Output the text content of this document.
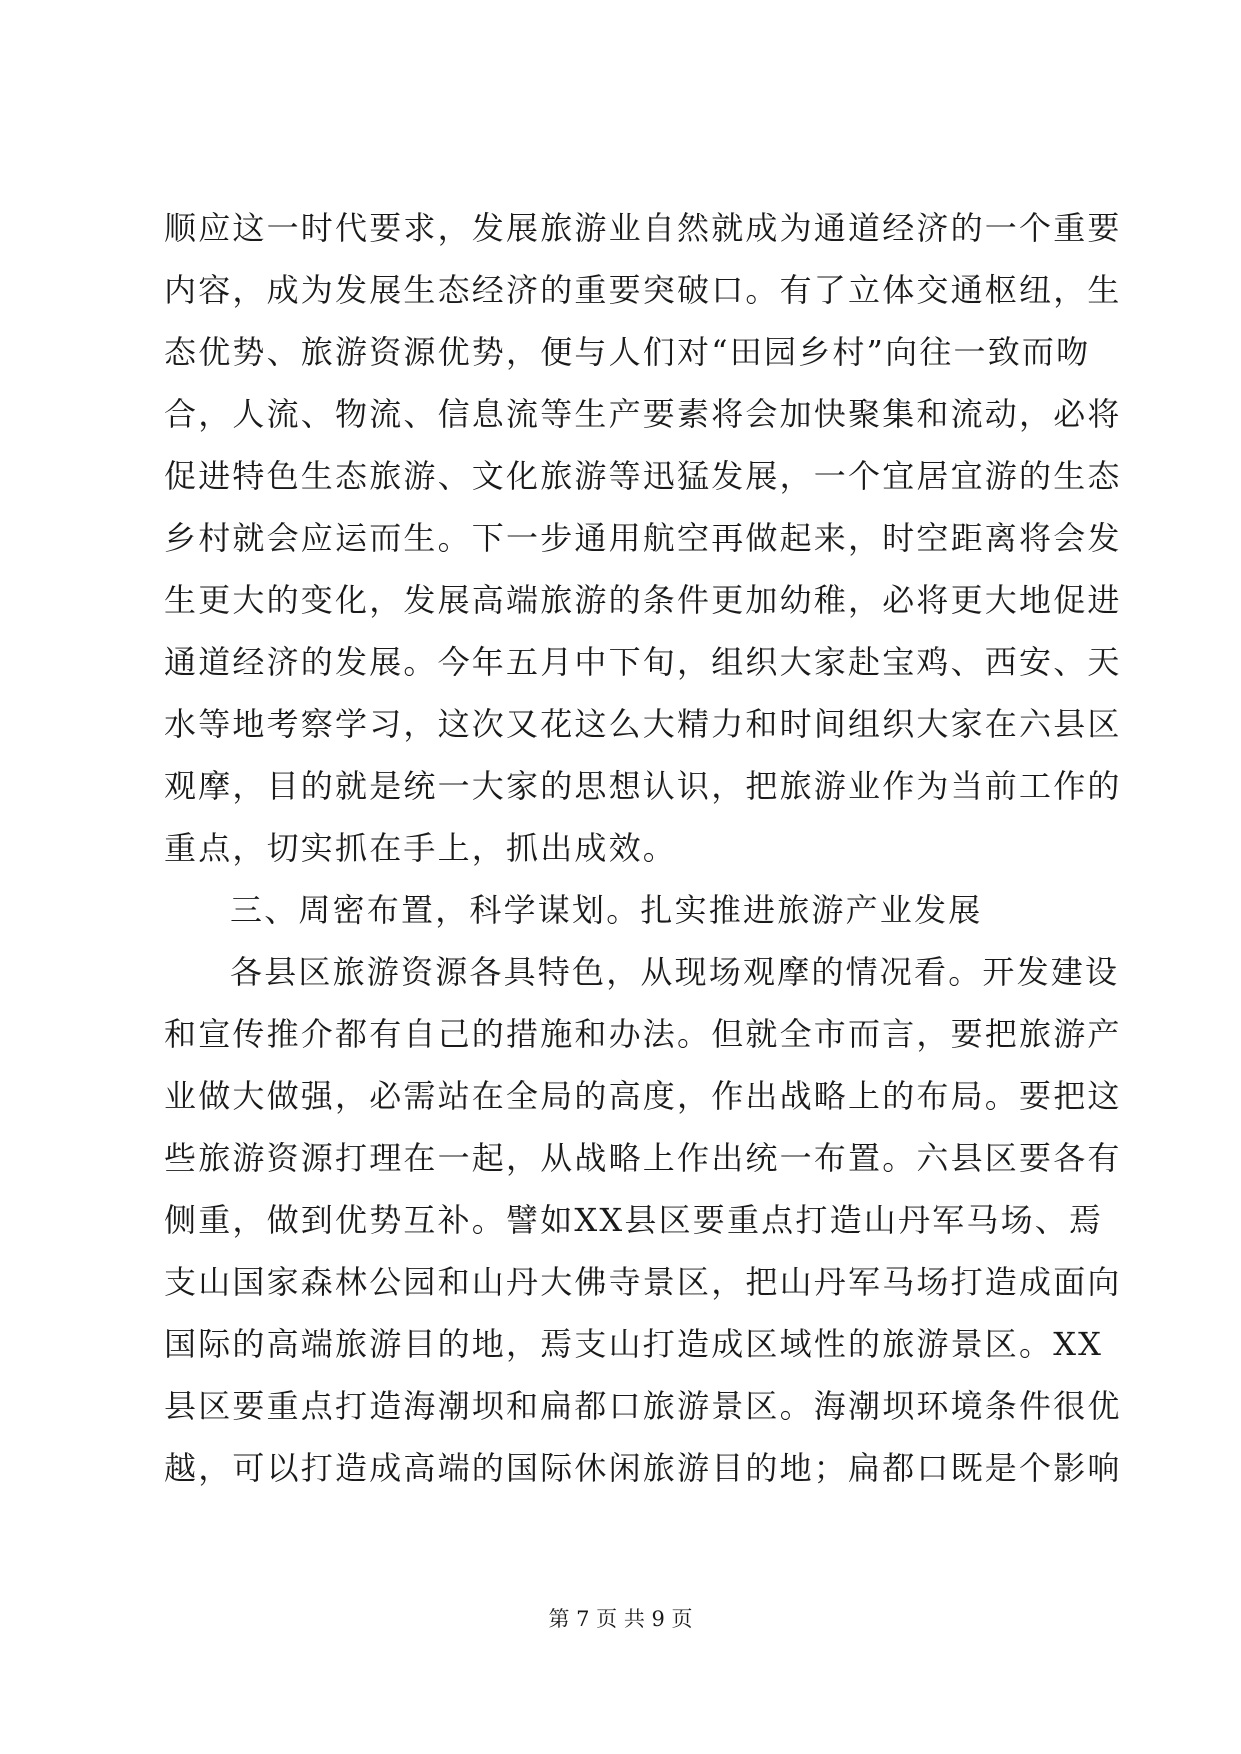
顺应这一时代要求，发展旅游业自然就成为通道经济的一个重要
内容，成为发展生态经济的重要突破口。有了立体交通枢纽，生
态优势、旅游资源优势，便与人们对“田园乡村”向往一致而吻
合，人流、物流、信息流等生产要素将会加快聚集和流动，必将
促进特色生态旅游、文化旅游等迅猛发展，一个宜居宜游的生态
乡村就会应运而生。下一步通用航空再做起来，时空距离将会发
生更大的变化，发展高端旅游的条件更加幼稚，必将更大地促进
通道经济的发展。今年五月中下旬，组织大家赴宝鸡、西安、天
水等地考察学习，这次又花这么大精力和时间组织大家在六县区
观摩，目的就是统一大家的思想认识，把旅游业作为当前工作的
重点，切实抓在手上，抓出成效。
三、周密布置，科学谋划。扎实推进旅游产业发展
各县区旅游资源各具特色，从现场观摩的情况看。开发建设
和宣传推介都有自己的措施和办法。但就全市而言，要把旅游产
业做大做强，必需站在全局的高度，作出战略上的布局。要把这
些旅游资源打理在一起，从战略上作出统一布置。六县区要各有
侧重，做到优势互补。譬如XX县区要重点打造山丹军马场、焉
支山国家森林公园和山丹大佛寺景区，把山丹军马场打造成面向
国际的高端旅游目的地，焉支山打造成区域性的旅游景区。XX
县区要重点打造海潮坝和扁都口旅游景区。海潮坝环境条件很优
越，可以打造成高端的国际休闲旅游目的地；扁都口既是个影响
第 7 页 共 9 页
